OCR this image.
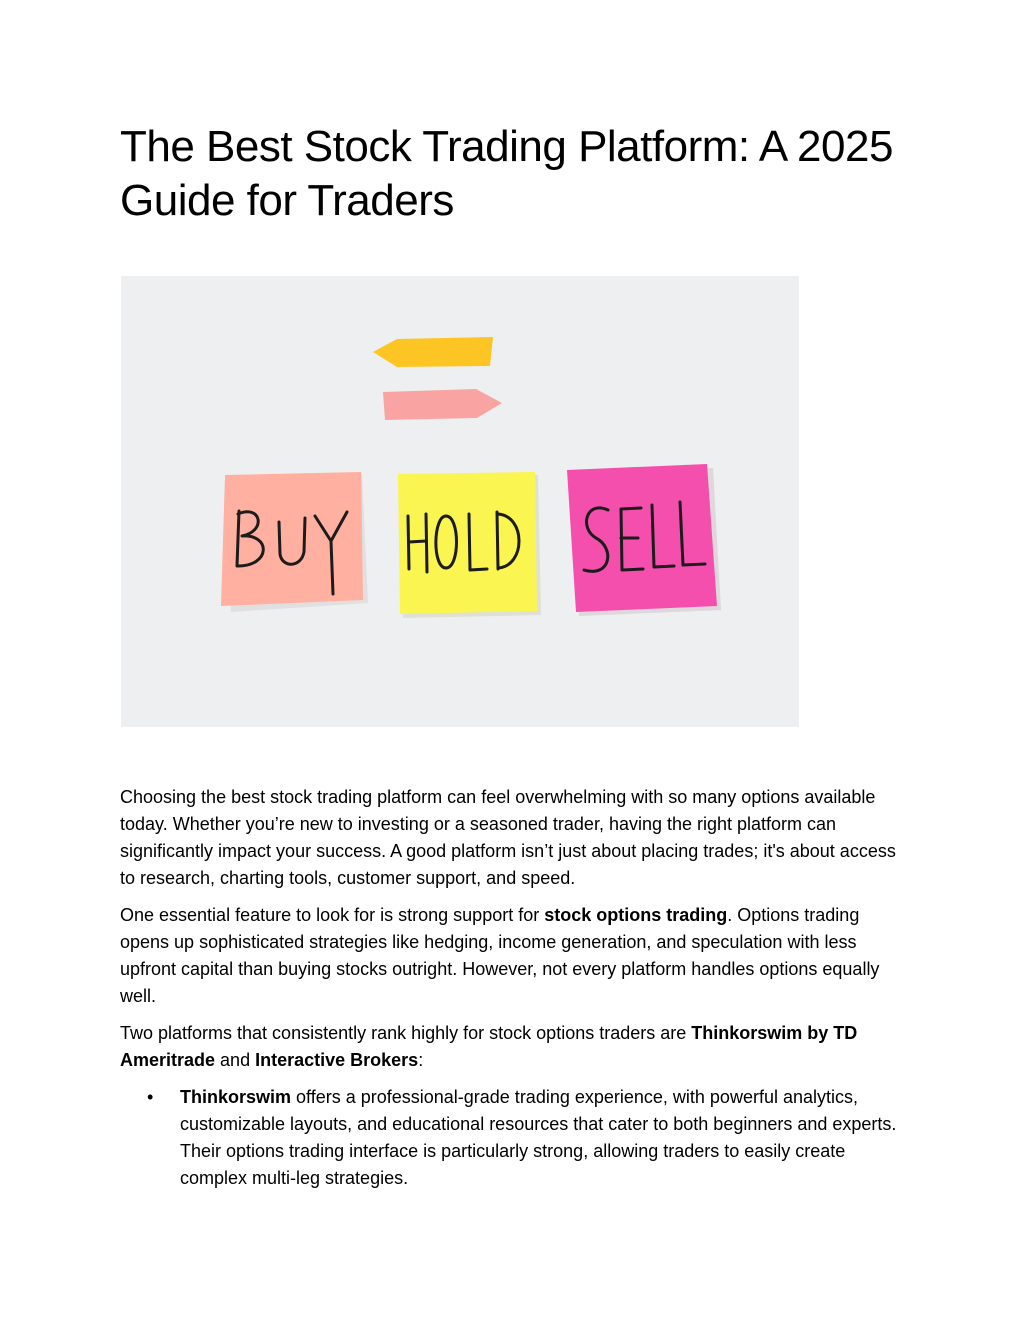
The Best Stock Trading Platform: A 2025 Guide for Traders

Choosing the best stock trading platform can feel overwhelming with so many options available today. Whether you’re new to investing or a seasoned trader, having the right platform can significantly impact your success. A good platform isn’t just about placing trades; it's about access to research, charting tools, customer support, and speed.

One essential feature to look for is strong support for stock options trading. Options trading opens up sophisticated strategies like hedging, income generation, and speculation with less upfront capital than buying stocks outright. However, not every platform handles options equally well.

Two platforms that consistently rank highly for stock options traders are Thinkorswim by TD Ameritrade and Interactive Brokers:

• Thinkorswim offers a professional-grade trading experience, with powerful analytics, customizable layouts, and educational resources that cater to both beginners and experts. Their options trading interface is particularly strong, allowing traders to easily create complex multi-leg strategies.
